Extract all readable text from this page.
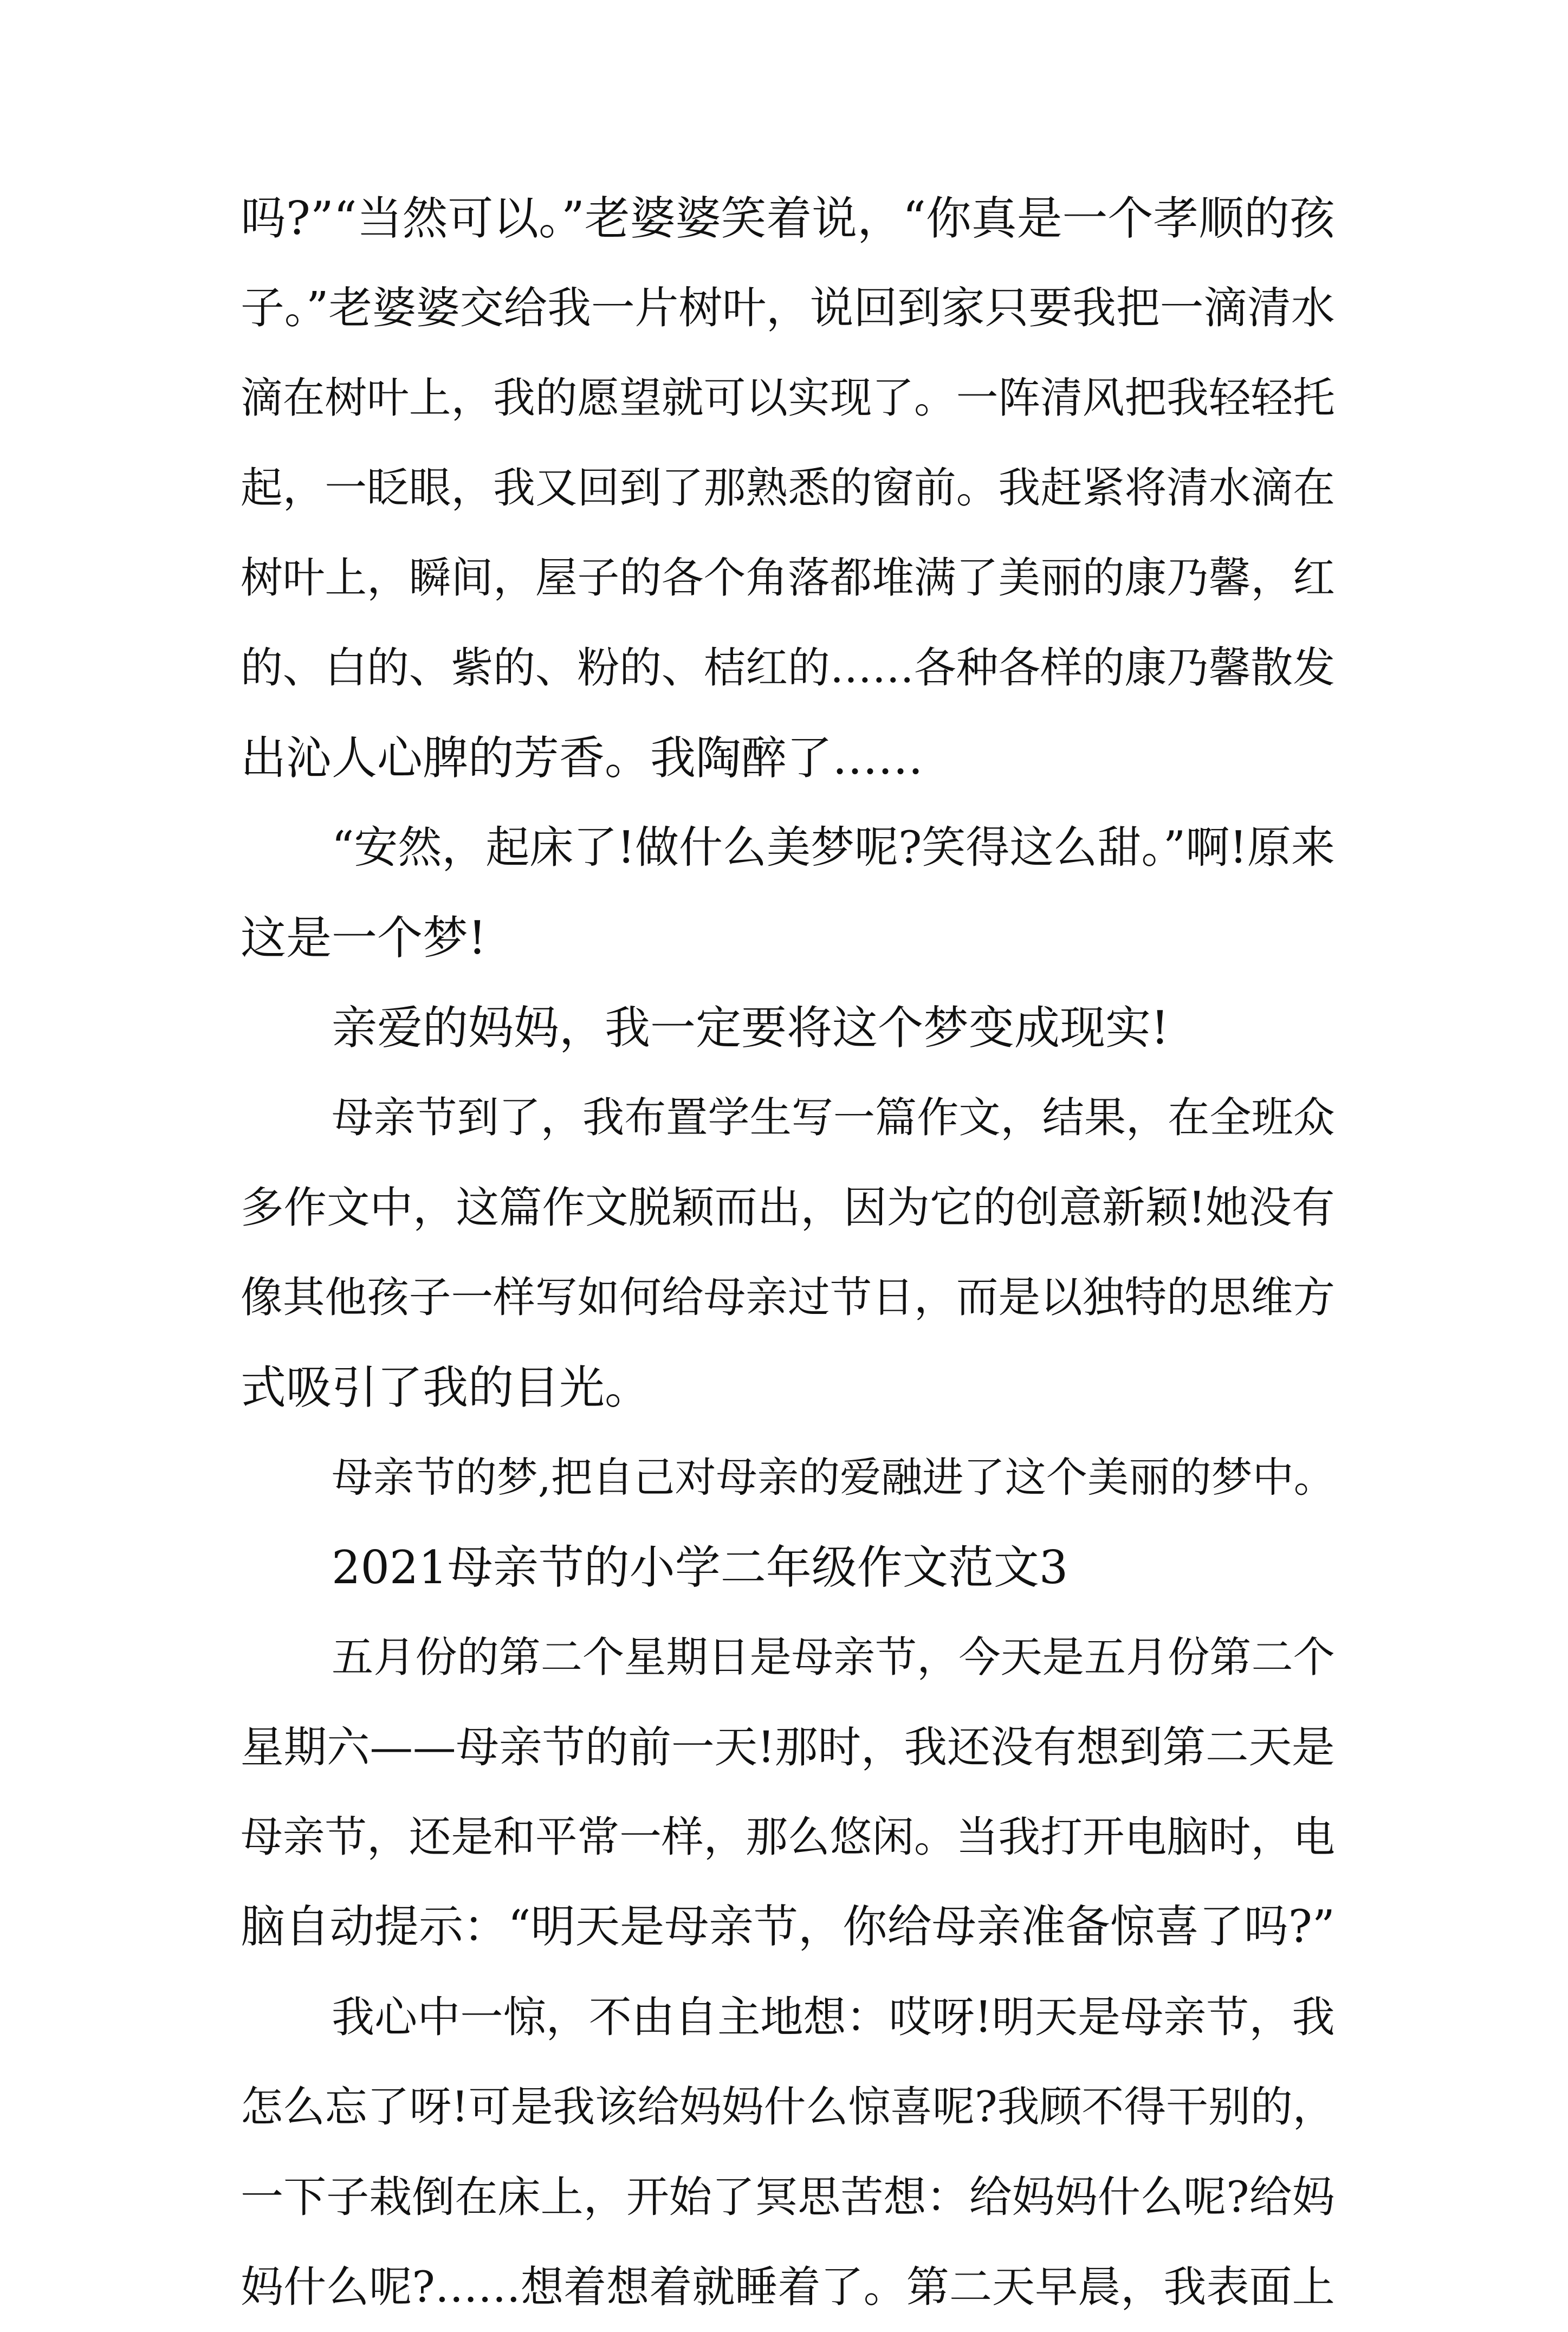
吗?”“当然可以。”老婆婆笑着说，“你真是一个孝顺的孩
子。”老婆婆交给我一片树叶，说回到家只要我把一滴清水
滴在树叶上，我的愿望就可以实现了。一阵清风把我轻轻托
起，一眨眼，我又回到了那熟悉的窗前。我赶紧将清水滴在
树叶上，瞬间，屋子的各个角落都堆满了美丽的康乃馨，红
的、白的、紫的、粉的、桔红的……各种各样的康乃馨散发
出沁人心脾的芳香。我陶醉了……
“安然，起床了!做什么美梦呢?笑得这么甜。”啊!原来
这是一个梦!
亲爱的妈妈，我一定要将这个梦变成现实!
母亲节到了，我布置学生写一篇作文，结果，在全班众
多作文中，这篇作文脱颖而出，因为它的创意新颖!她没有
像其他孩子一样写如何给母亲过节日，而是以独特的思维方
式吸引了我的目光。
母亲节的梦,把自己对母亲的爱融进了这个美丽的梦中。
2021母亲节的小学二年级作文范文3
五月份的第二个星期日是母亲节，今天是五月份第二个
星期六——母亲节的前一天!那时，我还没有想到第二天是
母亲节，还是和平常一样，那么悠闲。当我打开电脑时，电
脑自动提示：“明天是母亲节，你给母亲准备惊喜了吗?”
我心中一惊，不由自主地想：哎呀!明天是母亲节，我
怎么忘了呀!可是我该给妈妈什么惊喜呢?我顾不得干别的，
一下子栽倒在床上，开始了冥思苦想：给妈妈什么呢?给妈
妈什么呢?……想着想着就睡着了。第二天早晨，我表面上
